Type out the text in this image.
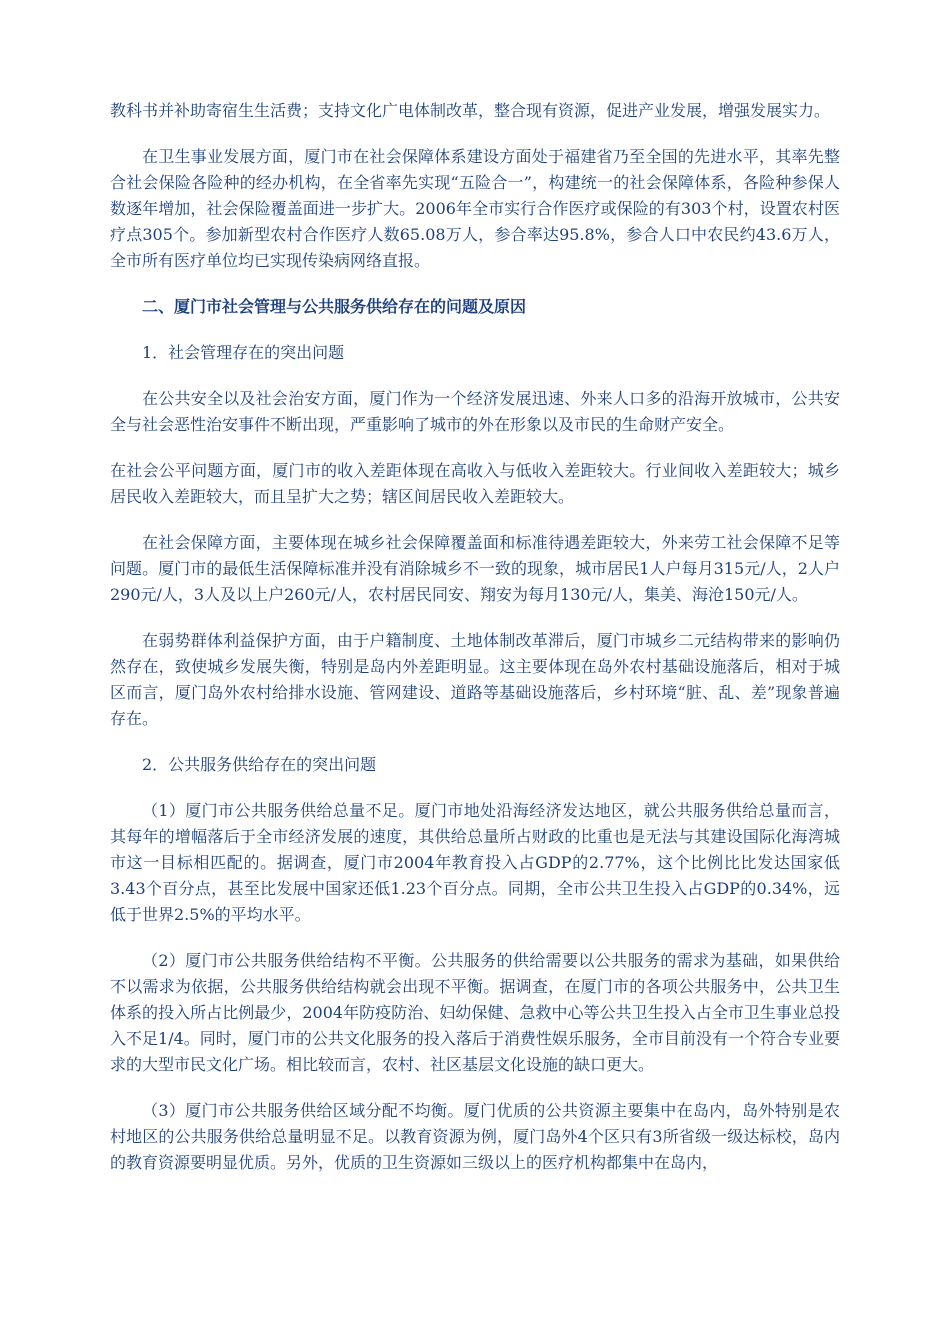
教科书并补助寄宿生生活费；支持文化广电体制改革，整合现有资源，促进产业发展，增强发展实力。

在卫生事业发展方面，厦门市在社会保障体系建设方面处于福建省乃至全国的先进水平，其率先整合社会保险各险种的经办机构，在全省率先实现“五险合一”，构建统一的社会保障体系，各险种参保人数逐年增加，社会保险覆盖面进一步扩大。2006年全市实行合作医疗或保险的有303个村，设置农村医疗点305个。参加新型农村合作医疗人数65.08万人，参合率达95.8%，参合人口中农民约43.6万人，全市所有医疗单位均已实现传染病网络直报。

二、厦门市社会管理与公共服务供给存在的问题及原因
1．社会管理存在的突出问题

在公共安全以及社会治安方面，厦门作为一个经济发展迅速、外来人口多的沿海开放城市，公共安全与社会恶性治安事件不断出现，严重影响了城市的外在形象以及市民的生命财产安全。

在社会公平问题方面，厦门市的收入差距体现在高收入与低收入差距较大。行业间收入差距较大；城乡居民收入差距较大，而且呈扩大之势；辖区间居民收入差距较大。

在社会保障方面，主要体现在城乡社会保障覆盖面和标准待遇差距较大，外来劳工社会保障不足等问题。厦门市的最低生活保障标准并没有消除城乡不一致的现象，城市居民1人户每月315元/人，2人户290元/人，3人及以上户260元/人，农村居民同安、翔安为每月130元/人，集美、海沧150元/人。

在弱势群体利益保护方面，由于户籍制度、土地体制改革滞后，厦门市城乡二元结构带来的影响仍然存在，致使城乡发展失衡，特别是岛内外差距明显。这主要体现在岛外农村基础设施落后，相对于城区而言，厦门岛外农村给排水设施、管网建设、道路等基础设施落后，乡村环境“脏、乱、差”现象普遍存在。

2．公共服务供给存在的突出问题

（1）厦门市公共服务供给总量不足。厦门市地处沿海经济发达地区，就公共服务供给总量而言，其每年的增幅落后于全市经济发展的速度，其供给总量所占财政的比重也是无法与其建设国际化海湾城市这一目标相匹配的。据调查，厦门市2004年教育投入占GDP的2.77%，这个比例比比发达国家低3.43个百分点，甚至比发展中国家还低1.23个百分点。同期，全市公共卫生投入占GDP的0.34%，远低于世界2.5%的平均水平。

（2）厦门市公共服务供给结构不平衡。公共服务的供给需要以公共服务的需求为基础，如果供给不以需求为依据，公共服务供给结构就会出现不平衡。据调查，在厦门市的各项公共服务中，公共卫生体系的投入所占比例最少，2004年防疫防治、妇幼保健、急救中心等公共卫生投入占全市卫生事业总投入不足1/4。同时，厦门市的公共文化服务的投入落后于消费性娱乐服务，全市目前没有一个符合专业要求的大型市民文化广场。相比较而言，农村、社区基层文化设施的缺口更大。

（3）厦门市公共服务供给区域分配不均衡。厦门优质的公共资源主要集中在岛内，岛外特别是农村地区的公共服务供给总量明显不足。以教育资源为例，厦门岛外4个区只有3所省级一级达标校，岛内的教育资源要明显优质。另外，优质的卫生资源如三级以上的医疗机构都集中在岛内，
